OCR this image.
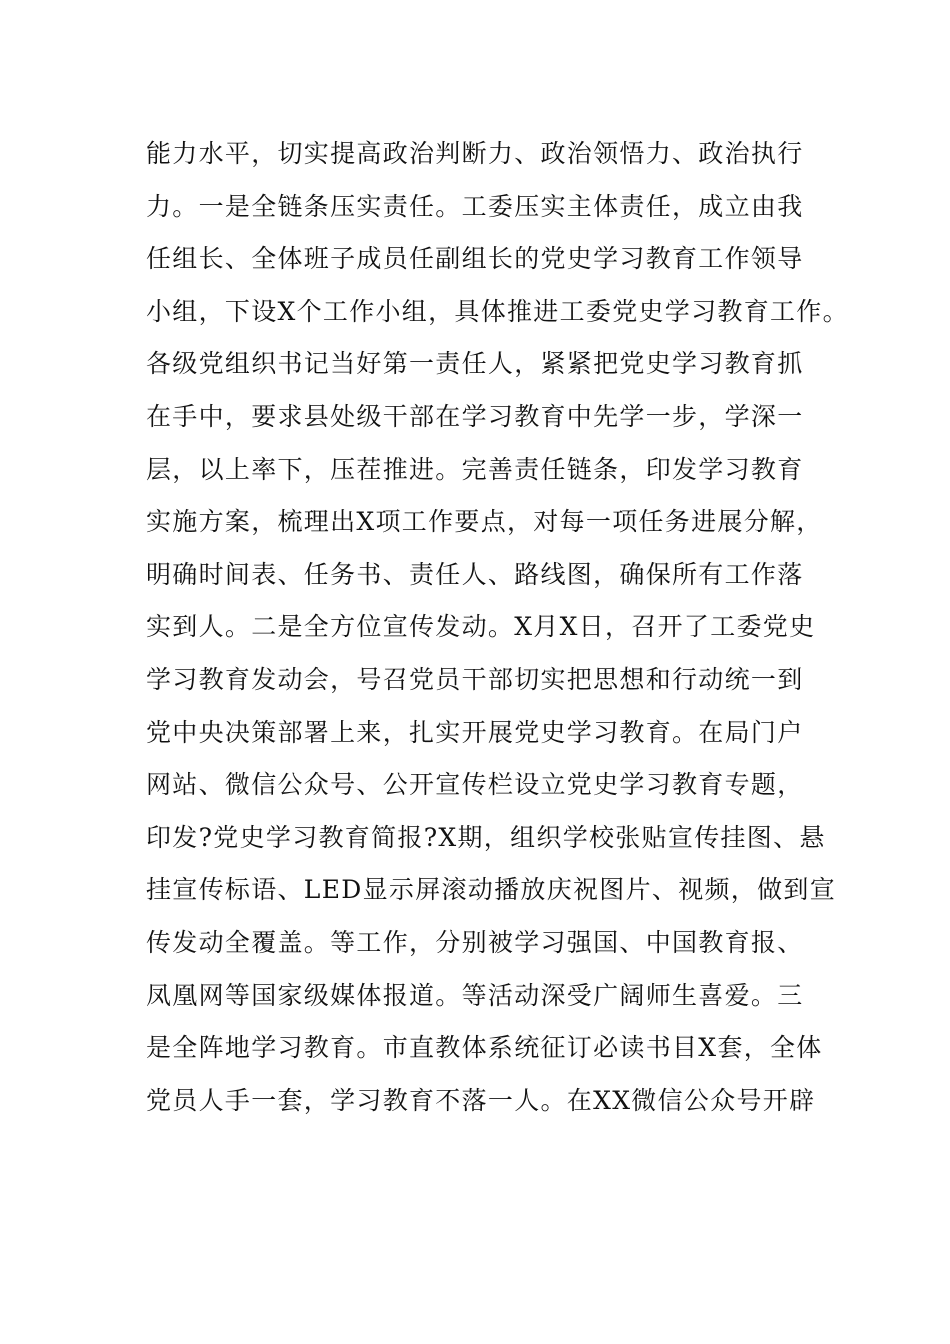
能力水平，切实提高政治判断力、政治领悟力、政治执行
力。一是全链条压实责任。工委压实主体责任，成立由我
任组长、全体班子成员任副组长的党史学习教育工作领导
小组，下设X个工作小组，具体推进工委党史学习教育工作。
各级党组织书记当好第一责任人，紧紧把党史学习教育抓
在手中，要求县处级干部在学习教育中先学一步，学深一
层，以上率下，压茬推进。完善责任链条，印发学习教育
实施方案，梳理出X项工作要点，对每一项任务进展分解，
明确时间表、任务书、责任人、路线图，确保所有工作落
实到人。二是全方位宣传发动。X月X日，召开了工委党史
学习教育发动会，号召党员干部切实把思想和行动统一到
党中央决策部署上来，扎实开展党史学习教育。在局门户
网站、微信公众号、公开宣传栏设立党史学习教育专题，
印发?党史学习教育简报?X期，组织学校张贴宣传挂图、悬
挂宣传标语、LED显示屏滚动播放庆祝图片、视频，做到宣
传发动全覆盖。等工作，分别被学习强国、中国教育报、
凤凰网等国家级媒体报道。等活动深受广阔师生喜爱。三
是全阵地学习教育。市直教体系统征订必读书目X套，全体
党员人手一套，学习教育不落一人。在XX微信公众号开辟
